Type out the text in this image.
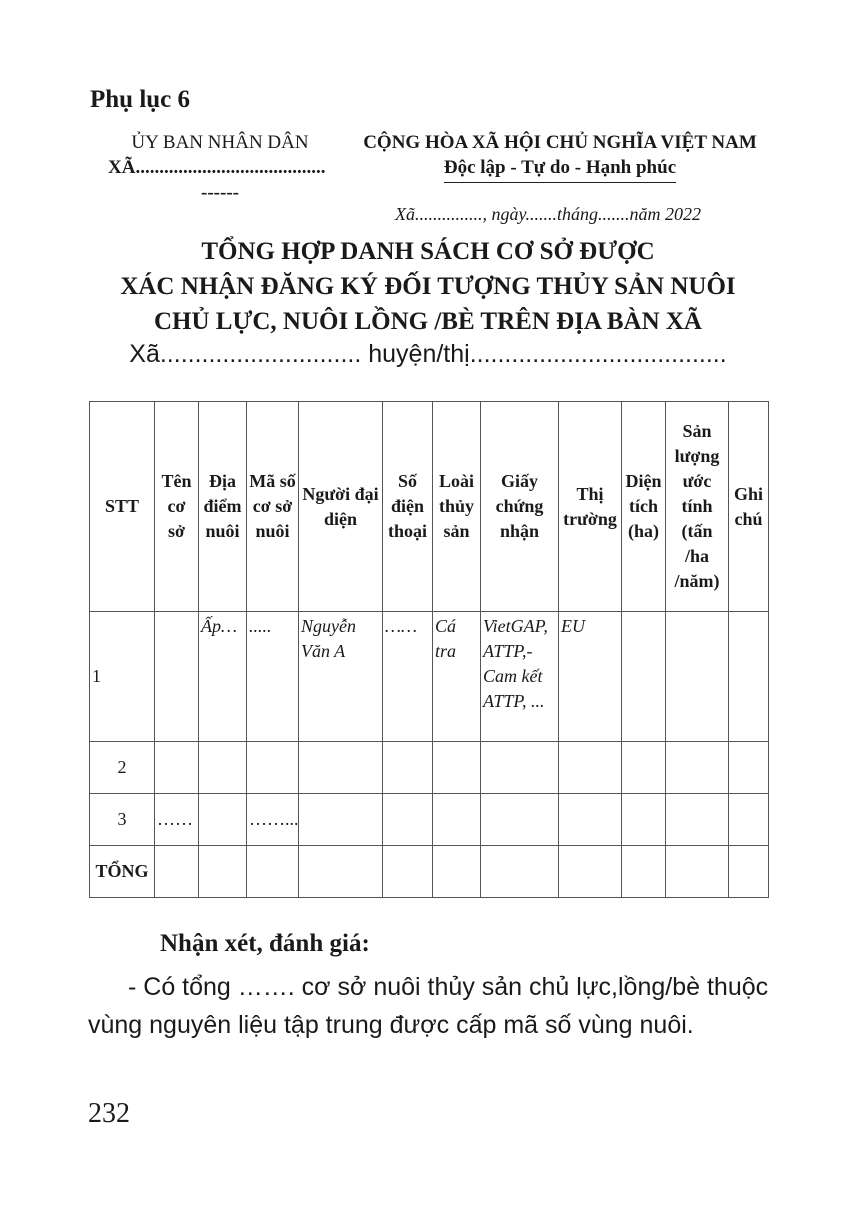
Phụ lục 6
ỦY BAN NHÂN DÂN
XÃ........................................
------
CỘNG HÒA XÃ HỘI CHỦ NGHĨA VIỆT NAM
Độc lập - Tự do - Hạnh phúc
Xã..............., ngày.......tháng.......năm 2022
TỔNG HỢP DANH SÁCH CƠ SỞ ĐƯỢC
XÁC NHẬN ĐĂNG KÝ ĐỐI TƯỢNG THỦY SẢN NUÔI
CHỦ LỰC, NUÔI LỒNG /BÈ TRÊN ĐỊA BÀN XÃ
Xã............................. huyện/thị.....................................
STT	Tên cơ sở	Địa điểm nuôi	Mã số cơ sở nuôi	Người đại diện	Số điện thoại	Loài thủy sản	Giấy chứng nhận	Thị trường	Diện tích (ha)	Sản lượng ước tính (tấn /ha /năm)	Ghi chú
1		Ấp…	.....	Nguyễn Văn A	……	Cá tra	VietGAP, ATTP,- Cam kết ATTP, ...	EU			
2											
3	……		……...								
TỔNG											
Nhận xét, đánh giá:
- Có tổng ……. cơ sở nuôi thủy sản chủ lực,lồng/bè thuộc vùng nguyên liệu tập trung được cấp mã số vùng nuôi.
232
